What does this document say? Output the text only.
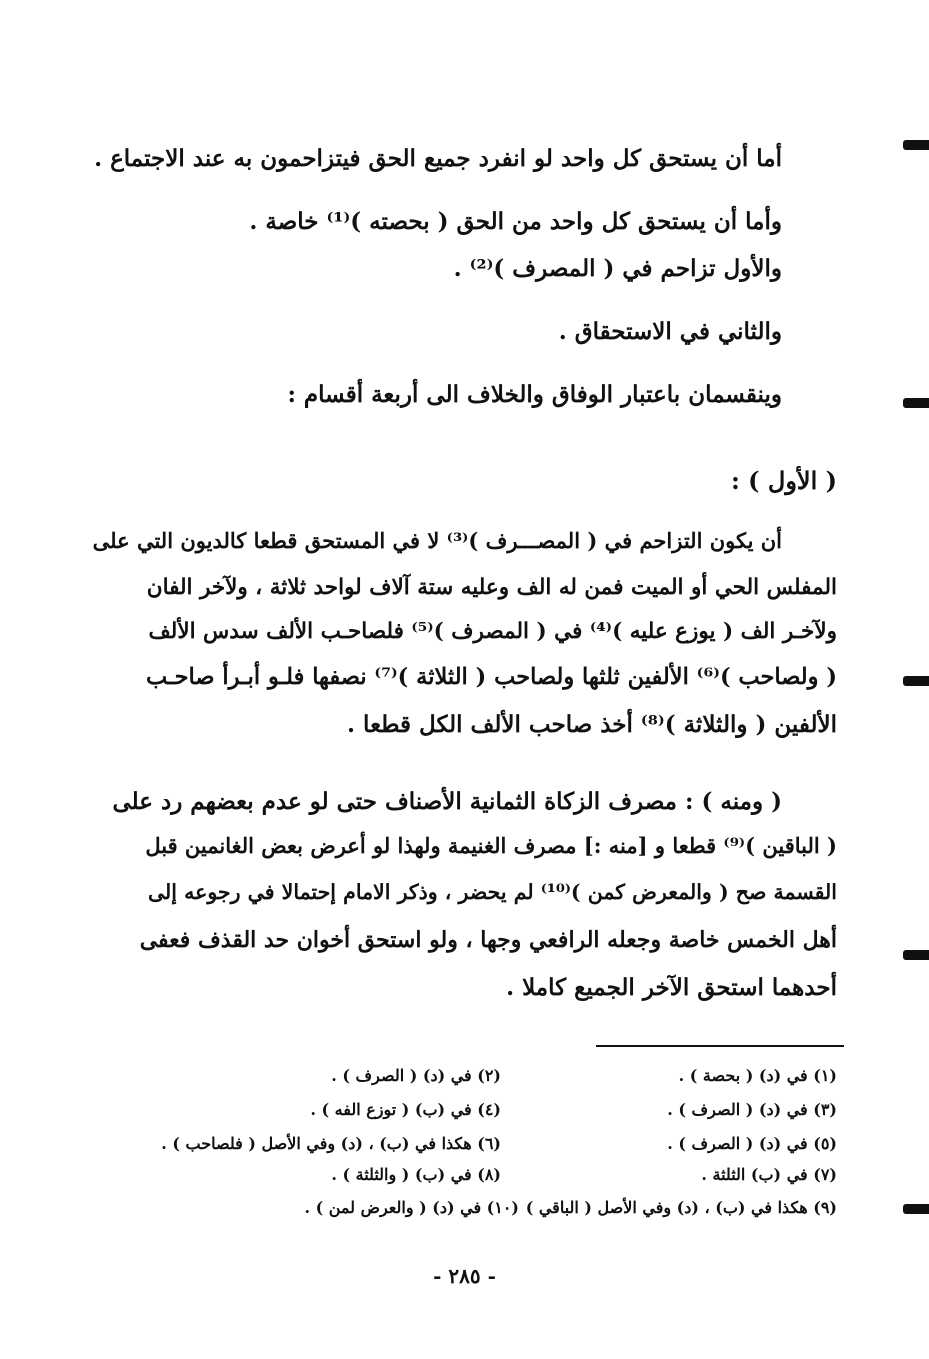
أما أن يستحق كل واحد لو انفرد جميع الحق فيتزاحمون به عند الاجتماع .
وأما أن يستحق كل واحد من الحق ( بحصته )⁽¹⁾ خاصة .
والأول تزاحم في ( المصرف )⁽²⁾ .
والثاني في الاستحقاق .
وينقسمان باعتبار الوفاق والخلاف الى أربعة أقسام :
( الأول ) :
أن يكون التزاحم في ( المصـــرف )⁽³⁾ لا في المستحق قطعا كالديون التي على
المفلس الحي أو الميت فمن له الف وعليه ستة آلاف لواحد ثلاثة ، ولآخر الفان
ولآخـر الف ( يوزع عليه )⁽⁴⁾ في ( المصرف )⁽⁵⁾ فلصاحـب الألف سدس الألف
( ولصاحب )⁽⁶⁾ الألفين ثلثها ولصاحب ( الثلاثة )⁽⁷⁾ نصفها فلـو أبـرأ صاحـب
الألفين ( والثلاثة )⁽⁸⁾ أخذ صاحب الألف الكل قطعا .
( ومنه ) : مصرف الزكاة الثمانية الأصناف حتى لو عدم بعضهم رد على
( الباقين )⁽⁹⁾ قطعا و [منه :] مصرف الغنيمة ولهذا لو أعرض بعض الغانمين قبل
القسمة صح ( والمعرض كمن )⁽¹⁰⁾ لم يحضر ، وذكر الامام إحتمالا في رجوعه إلى
أهل الخمس خاصة وجعله الرافعي وجها ، ولو استحق أخوان حد القذف فعفى
أحدهما استحق الآخر الجميع كاملا .
(١) في (د) ( بحصة ) .
(٣) في (د) ( الصرف ) .
(٥) في (د) ( الصرف ) .
(٧) في (ب) الثلثة .
(٩) هكذا في (ب) ، (د) وفي الأصل ( الباقي )
(٢) في (د) ( الصرف ) .
(٤) في (ب) ( توزع الفه ) .
(٦) هكذا في (ب) ، (د) وفي الأصل ( فلصاحب ) .
(٨) في (ب) ( والثلثة ) .
(١٠) في (د) ( والعرض لمن ) .
- ٢٨٥ -
